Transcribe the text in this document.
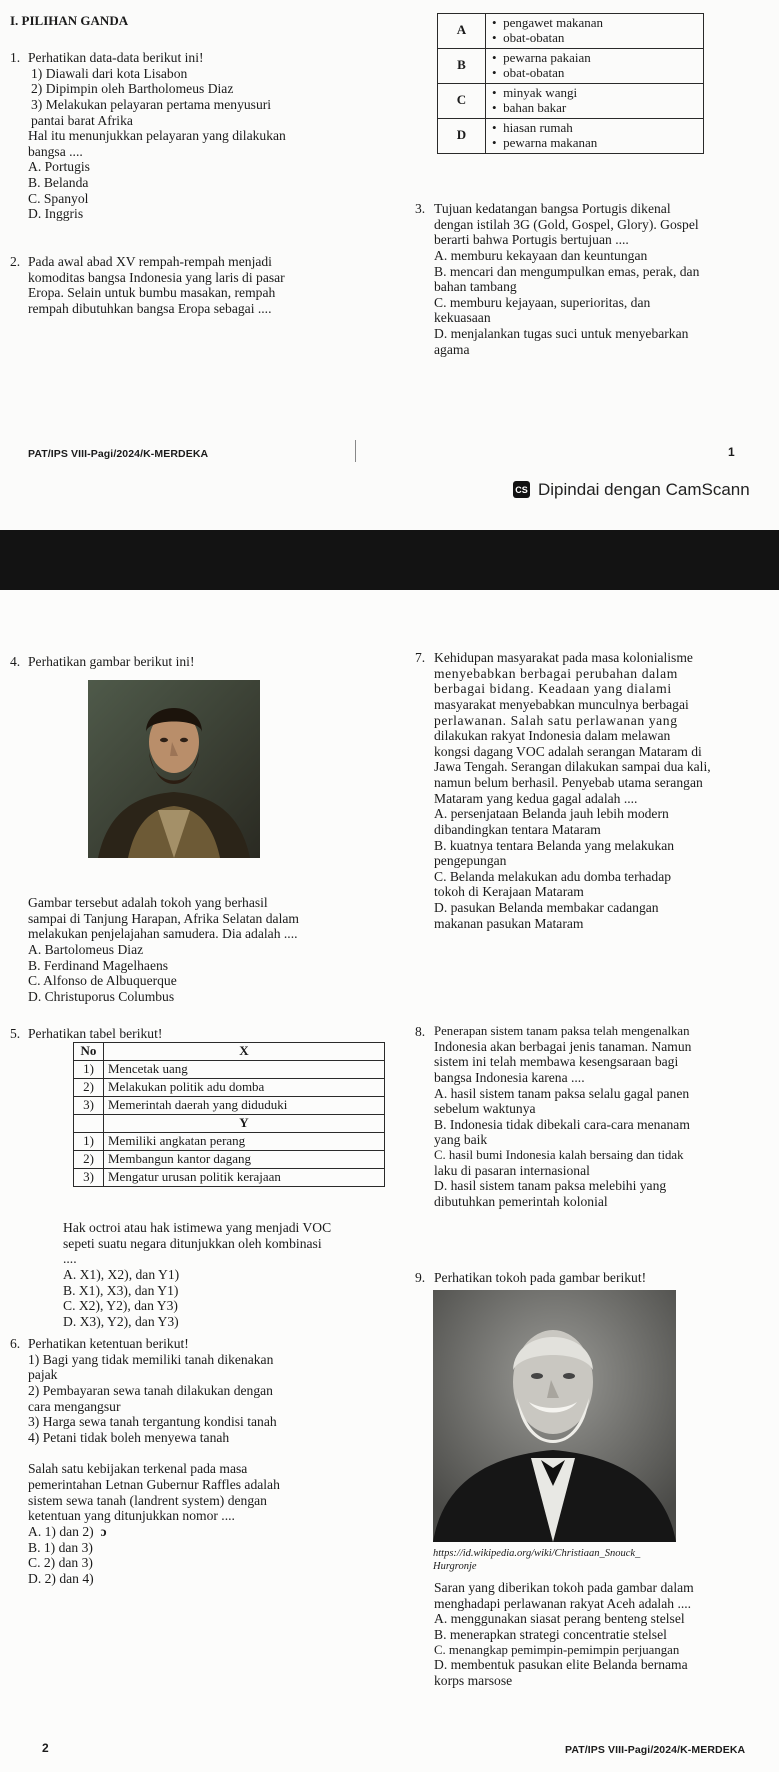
I. PILIHAN GANDA
1. Perhatikan data-data berikut ini!
1) Diawali dari kota Lisabon
2) Dipimpin oleh Bartholomeus Diaz
3) Melakukan pelayaran pertama menyusuri
pantai barat Afrika
Hal itu menunjukkan pelayaran yang dilakukan
bangsa ....
A. Portugis
B. Belanda
C. Spanyol
D. Inggris
2. Pada awal abad XV rempah-rempah menjadi
komoditas bangsa Indonesia yang laris di pasar
Eropa. Selain untuk bumbu masakan, rempah
rempah dibutuhkan bangsa Eropa sebagai ....
A	•  pengawet makanan
•  obat-obatan

B	•  pewarna pakaian
•  obat-obatan

C	•  minyak wangi
•  bahan bakar

D	•  hiasan rumah
•  pewarna makanan
3. Tujuan kedatangan bangsa Portugis dikenal
dengan istilah 3G (Gold, Gospel, Glory). Gospel
berarti bahwa Portugis bertujuan ....
A. memburu kekayaan dan keuntungan
B. mencari dan mengumpulkan emas, perak, dan
bahan tambang
C. memburu kejayaan, superioritas, dan
kekuasaan
D. menjalankan tugas suci untuk menyebarkan
agama
PAT/IPS VIII-Pagi/2024/K-MERDEKA	1
CS Dipindai dengan CamScann
4. Perhatikan gambar berikut ini!
Gambar tersebut adalah tokoh yang berhasil
sampai di Tanjung Harapan, Afrika Selatan dalam
melakukan penjelajahan samudera. Dia adalah ....
A. Bartolomeus Diaz
B. Ferdinand Magelhaens
C. Alfonso de Albuquerque
D. Christuporus Columbus
5. Perhatikan tabel berikut!
No	X
1)	Mencetak uang
2)	Melakukan politik adu domba
3)	Memerintah daerah yang diduduki
	Y
1)	Memiliki angkatan perang
2)	Membangun kantor dagang
3)	Mengatur urusan politik kerajaan
Hak octroi atau hak istimewa yang menjadi VOC
sepeti suatu negara ditunjukkan oleh kombinasi
....
A. X1), X2), dan Y1)
B. X1), X3), dan Y1)
C. X2), Y2), dan Y3)
D. X3), Y2), dan Y3)
6. Perhatikan ketentuan berikut!
1) Bagi yang tidak memiliki tanah dikenakan
pajak
2) Pembayaran sewa tanah dilakukan dengan
cara mengangsur
3) Harga sewa tanah tergantung kondisi tanah
4) Petani tidak boleh menyewa tanah
Salah satu kebijakan terkenal pada masa
pemerintahan Letnan Gubernur Raffles adalah
sistem sewa tanah (landrent system) dengan
ketentuan yang ditunjukkan nomor ....
A. 1) dan 2) ɔ
B. 1) dan 3)
C. 2) dan 3)
D. 2) dan 4)
2
7. Kehidupan masyarakat pada masa kolonialisme
menyebabkan berbagai perubahan dalam
berbagai bidang. Keadaan yang dialami
masyarakat menyebabkan munculnya berbagai
perlawanan. Salah satu perlawanan yang
dilakukan rakyat Indonesia dalam melawan
kongsi dagang VOC adalah serangan Mataram di
Jawa Tengah. Serangan dilakukan sampai dua kali,
namun belum berhasil. Penyebab utama serangan
Mataram yang kedua gagal adalah ....
A. persenjataan Belanda jauh lebih modern
dibandingkan tentara Mataram
B. kuatnya tentara Belanda yang melakukan
pengepungan
C. Belanda melakukan adu domba terhadap
tokoh di Kerajaan Mataram
D. pasukan Belanda membakar cadangan
makanan pasukan Mataram
8. Penerapan sistem tanam paksa telah mengenalkan
Indonesia akan berbagai jenis tanaman. Namun
sistem ini telah membawa kesengsaraan bagi
bangsa Indonesia karena ....
A. hasil sistem tanam paksa selalu gagal panen
sebelum waktunya
B. Indonesia tidak dibekali cara-cara menanam
yang baik
C. hasil bumi Indonesia kalah bersaing dan tidak
laku di pasaran internasional
D. hasil sistem tanam paksa melebihi yang
dibutuhkan pemerintah kolonial
9. Perhatikan tokoh pada gambar berikut!
https://id.wikipedia.org/wiki/Christiaan_Snouck_
Hurgronje
Saran yang diberikan tokoh pada gambar dalam
menghadapi perlawanan rakyat Aceh adalah ....
A. menggunakan siasat perang benteng stelsel
B. menerapkan strategi concentratie stelsel
C. menangkap pemimpin-pemimpin perjuangan
D. membentuk pasukan elite Belanda bernama
korps marsose
PAT/IPS VIII-Pagi/2024/K-MERDEKA
